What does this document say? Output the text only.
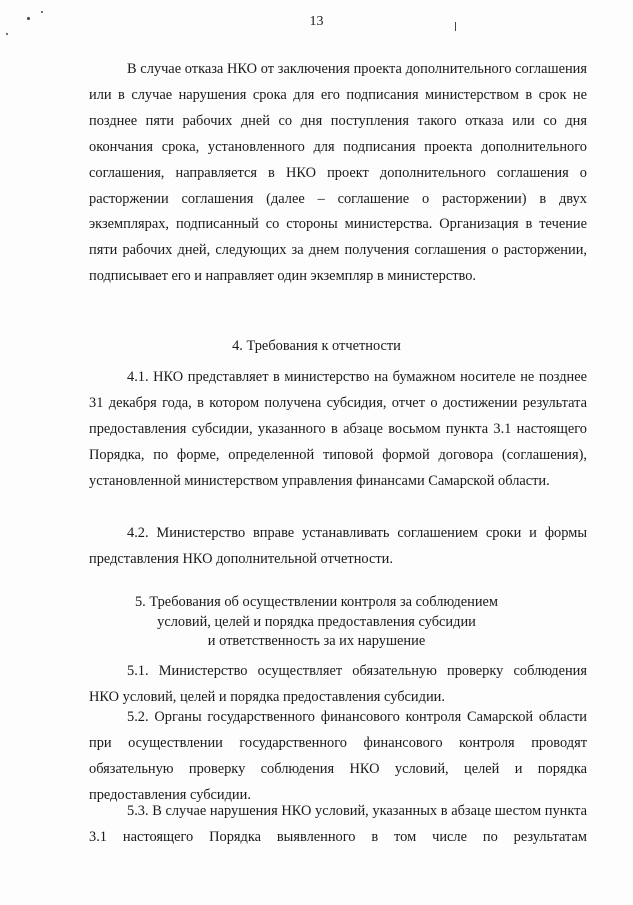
13

В случае отказа НКО от заключения проекта дополнительного соглашения или в случае нарушения срока для его подписания министерством в срок не позднее пяти рабочих дней со дня поступления такого отказа или со дня окончания срока, установленного для подписания проекта дополнительного соглашения, направляется в НКО проект дополнительного соглашения о расторжении соглашения (далее – соглашение о расторжении) в двух экземплярах, подписанный со стороны министерства. Организация в течение пяти рабочих дней, следующих за днем получения соглашения о расторжении, подписывает его и направляет один экземпляр в министерство.

4. Требования к отчетности

4.1. НКО представляет в министерство на бумажном носителе не позднее 31 декабря года, в котором получена субсидия, отчет о достижении результата предоставления субсидии, указанного в абзаце восьмом пункта 3.1 настоящего Порядка, по форме, определенной типовой формой договора (соглашения), установленной министерством управления финансами Самарской области.

4.2. Министерство вправе устанавливать соглашением сроки и формы представления НКО дополнительной отчетности.

5. Требования об осуществлении контроля за соблюдением
условий, целей и порядка предоставления субсидии
и ответственность за их нарушение

5.1. Министерство осуществляет обязательную проверку соблюдения НКО условий, целей и порядка предоставления субсидии.

5.2. Органы государственного финансового контроля Самарской области при осуществлении государственного финансового контроля проводят обязательную проверку соблюдения НКО условий, целей и порядка предоставления субсидии.

5.3. В случае нарушения НКО условий, указанных в абзаце шестом пункта 3.1 настоящего Порядка выявленного в том числе по результатам
